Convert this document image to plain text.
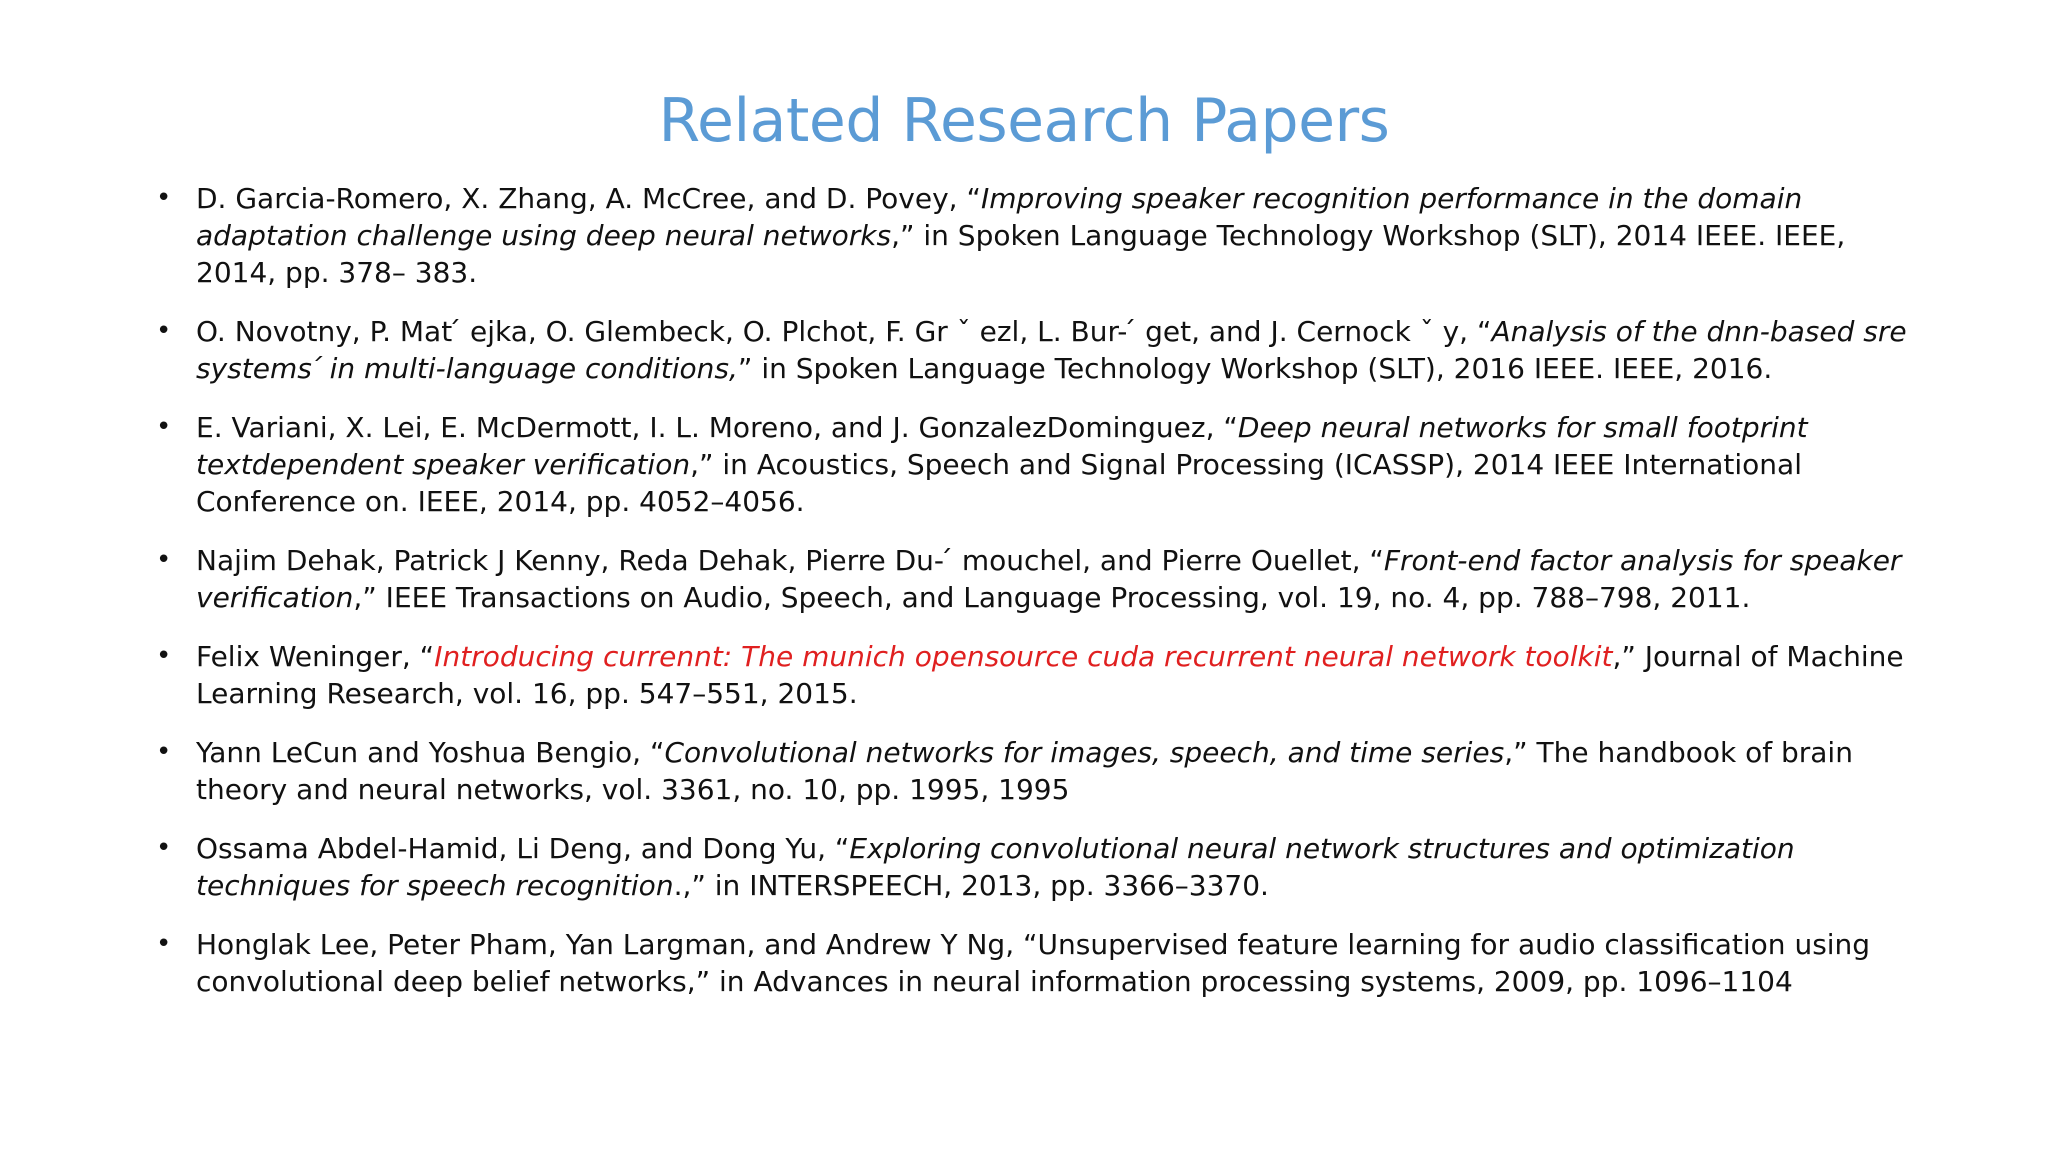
Related Research Papers
• D. Garcia-Romero, X. Zhang, A. McCree, and D. Povey, “Improving speaker recognition performance in the domain adaptation challenge using deep neural networks,” in Spoken Language Technology Workshop (SLT), 2014 IEEE. IEEE, 2014, pp. 378– 383.
• O. Novotny, P. Mat ́ ejka, O. Glembeck, O. Plchot, F. Gr ˇ ezl, L. Bur- ́ get, and J. Cernock ˇ y, “Analysis of the dnn-based sre systems ́ in multi-language conditions,” in Spoken Language Technology Workshop (SLT), 2016 IEEE. IEEE, 2016.
• E. Variani, X. Lei, E. McDermott, I. L. Moreno, and J. GonzalezDominguez, “Deep neural networks for small footprint textdependent speaker verification,” in Acoustics, Speech and Signal Processing (ICASSP), 2014 IEEE International Conference on. IEEE, 2014, pp. 4052–4056.
• Najim Dehak, Patrick J Kenny, Reda Dehak, Pierre Du- ́ mouchel, and Pierre Ouellet, “Front-end factor analysis for speaker verification,” IEEE Transactions on Audio, Speech, and Language Processing, vol. 19, no. 4, pp. 788–798, 2011.
• Felix Weninger, “Introducing currennt: The munich opensource cuda recurrent neural network toolkit,” Journal of Machine Learning Research, vol. 16, pp. 547–551, 2015.
• Yann LeCun and Yoshua Bengio, “Convolutional networks for images, speech, and time series,” The handbook of brain theory and neural networks, vol. 3361, no. 10, pp. 1995, 1995
• Ossama Abdel-Hamid, Li Deng, and Dong Yu, “Exploring convolutional neural network structures and optimization techniques for speech recognition.,” in INTERSPEECH, 2013, pp. 3366–3370.
• Honglak Lee, Peter Pham, Yan Largman, and Andrew Y Ng, “Unsupervised feature learning for audio classification using convolutional deep belief networks,” in Advances in neural information processing systems, 2009, pp. 1096–1104
